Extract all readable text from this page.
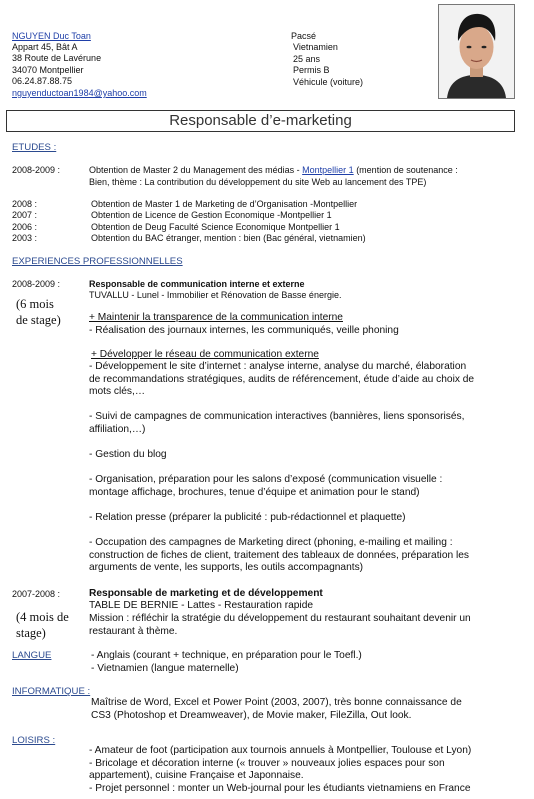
NGUYEN Duc Toan
Appart 45, Bât A
38 Route de Lavérune
34070 Montpellier
06.24.87.88.75
nguyenductoan1984@yahoo.com
Pacsé
Vietnamien
25 ans
Permis B
Véhicule (voiture)
Responsable d’e-marketing
ETUDES :
2008-2009 :	Obtention de Master 2 du Management des médias - Montpellier 1 (mention de soutenance :
Bien, thème : La contribution du développement du site Web au lancement des TPE)
2008 :
2007 :
2006 :
2003 :
Obtention de Master 1 de Marketing de d’Organisation -Montpellier
Obtention de Licence de Gestion Economique -Montpellier 1
Obtention de Deug Faculté Science Economique Montpellier 1
Obtention du BAC étranger, mention : bien (Bac général, vietnamien)
EXPERIENCES PROFESSIONNELLES
2008-2009 :
(6 mois
de stage)
Responsable de communication interne et externe
TUVALLU - Lunel - Immobilier et Rénovation de Basse énergie.
+ Maintenir la transparence de la communication interne
- Réalisation des journaux internes, les communiqués, veille phoning
+ Développer le réseau de communication externe
- Développement le site d’internet : analyse interne, analyse du marché, élaboration
de recommandations stratégiques, audits de référencement, étude d’aide au choix de
mots clés,…
- Suivi de campagnes de communication interactives (bannières, liens sponsorisés,
affiliation,…)
- Gestion du blog
- Organisation, préparation pour les salons d’exposé (communication visuelle :
montage affichage, brochures, tenue d’équipe et animation pour le stand)
- Relation presse (préparer la publicité : pub-rédactionnel et plaquette)
- Occupation des campagnes de Marketing direct (phoning, e-mailing et mailing :
construction de fiches de client, traitement des tableaux de données, préparation les
arguments de vente, les supports, les outils accompagnants)
2007-2008 :
(4 mois de
stage)
Responsable de marketing et de développement
TABLE DE BERNIE - Lattes - Restauration rapide
Mission : réfléchir la stratégie du développement du restaurant souhaitant devenir un
restaurant à thème.
LANGUE	- Anglais (courant + technique, en préparation pour le Toefl.)
- Vietnamien (langue maternelle)
INFORMATIQUE :
Maîtrise de Word, Excel et Power Point (2003, 2007), très bonne connaissance de
CS3 (Photoshop et Dreamweaver), de Movie maker, FileZilla, Out look.
LOISIRS :
- Amateur de foot (participation aux tournois annuels à Montpellier, Toulouse et Lyon)
- Bricolage et décoration interne (« trouver » nouveaux jolies espaces pour son
appartement), cuisine Française et Japonnaise.
- Projet personnel : monter un Web-journal pour les étudiants vietnamiens en France
